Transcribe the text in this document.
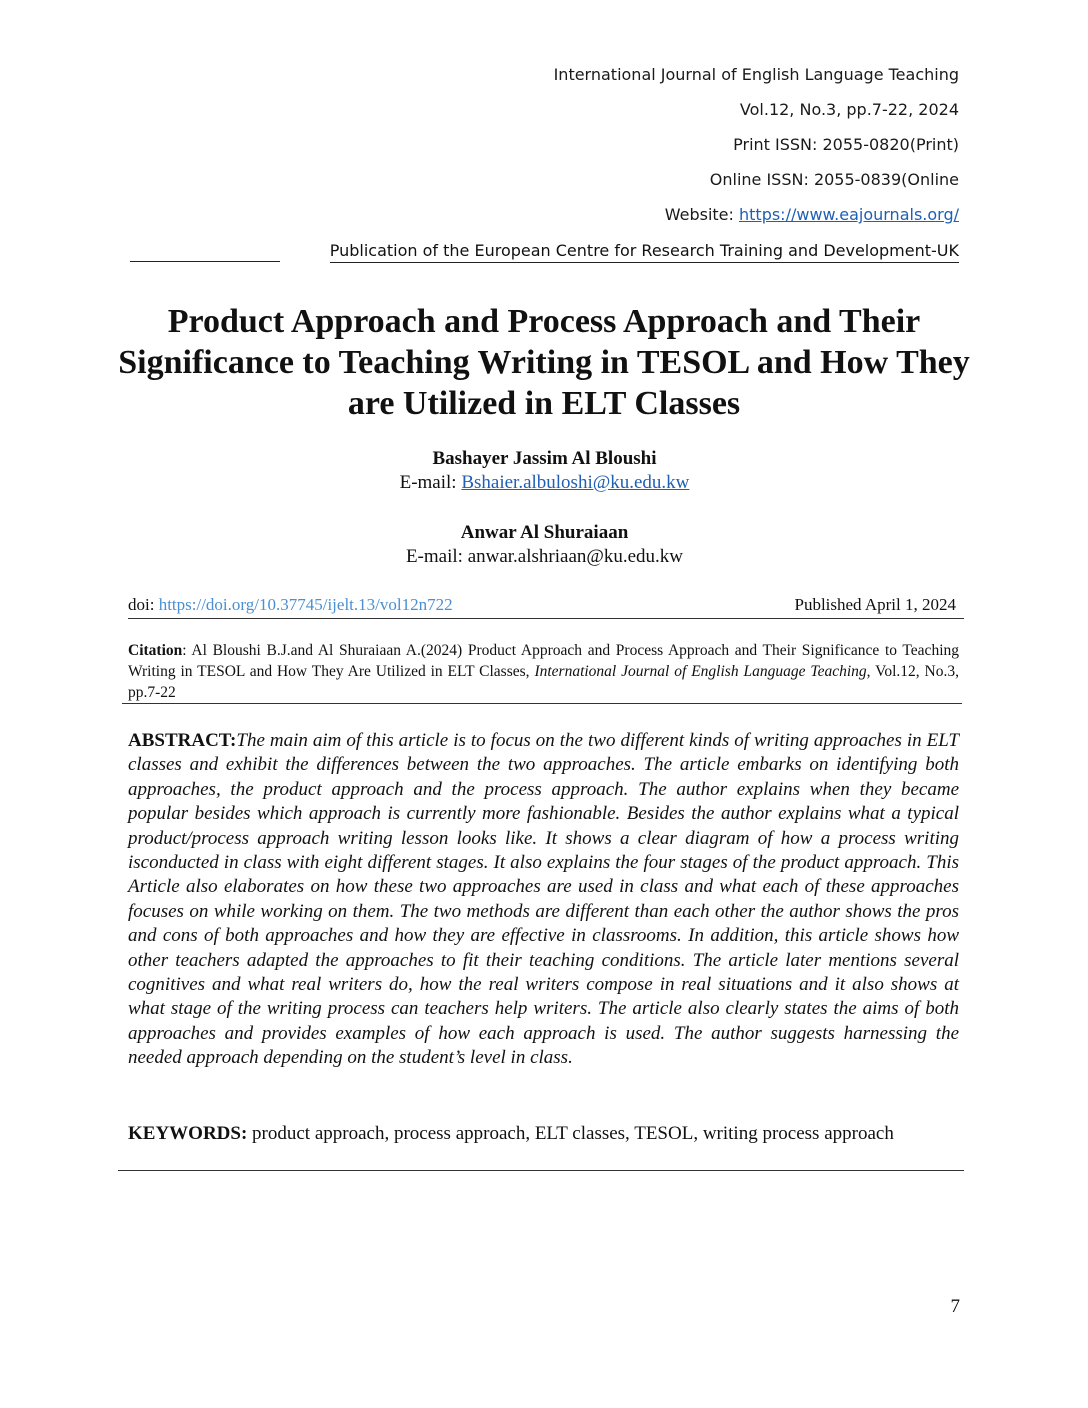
International Journal of English Language Teaching
Vol.12, No.3, pp.7-22, 2024
Print ISSN: 2055-0820(Print)
Online ISSN: 2055-0839(Online
Website: https://www.eajournals.org/
Publication of the European Centre for Research Training and Development-UK
Product Approach and Process Approach and Their Significance to Teaching Writing in TESOL and How They are Utilized in ELT Classes
Bashayer Jassim Al Bloushi
E-mail: Bshaier.albuloshi@ku.edu.kw
Anwar Al Shuraiaan
E-mail: anwar.alshriaan@ku.edu.kw
doi: https://doi.org/10.37745/ijelt.13/vol12n722	Published April 1, 2024
Citation: Al Bloushi B.J.and Al Shuraiaan A.(2024) Product Approach and Process Approach and Their Significance to Teaching Writing in TESOL and How They Are Utilized in ELT Classes, International Journal of English Language Teaching, Vol.12, No.3, pp.7-22
ABSTRACT:The main aim of this article is to focus on the two different kinds of writing approaches in ELT classes and exhibit the differences between the two approaches. The article embarks on identifying both approaches, the product approach and the process approach. The author explains when they became popular besides which approach is currently more fashionable. Besides the author explains what a typical product/process approach writing lesson looks like. It shows a clear diagram of how a process writing isconducted in class with eight different stages. It also explains the four stages of the product approach. This Article also elaborates on how these two approaches are used in class and what each of these approaches focuses on while working on them. The two methods are different than each other the author shows the pros and cons of both approaches and how they are effective in classrooms. In addition, this article shows how other teachers adapted the approaches to fit their teaching conditions. The article later mentions several cognitives and what real writers do, how the real writers compose in real situations and it also shows at what stage of the writing process can teachers help writers. The article also clearly states the aims of both approaches and provides examples of how each approach is used. The author suggests harnessing the needed approach depending on the student’s level in class.
KEYWORDS: product approach, process approach, ELT classes, TESOL, writing process approach
7
